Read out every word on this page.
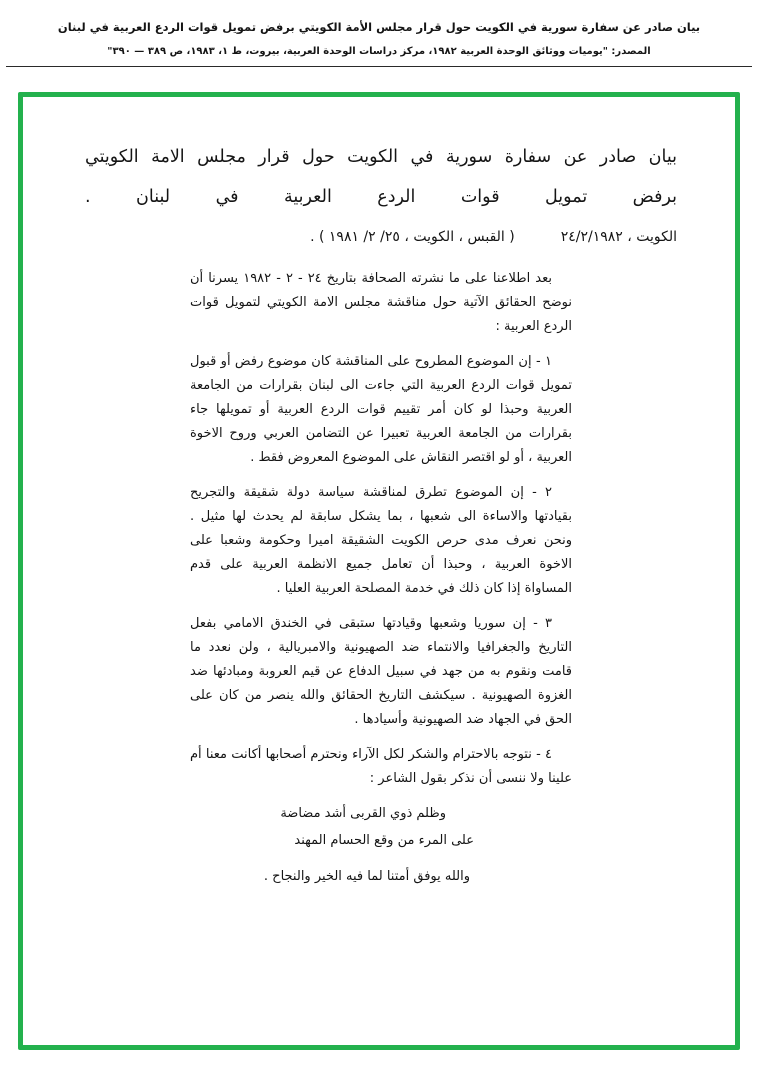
بيان صادر عن سفارة سورية في الكويت حول قرار مجلس الأمة الكويتي برفض تمويل قوات الردع العربية في لبنان
المصدر: "يوميات ووثائق الوحدة العربية ١٩٨٢، مركز دراسات الوحدة العربية، بيروت، ط ١، ١٩٨٣، ص ٣٨٩ — ٣٩٠"
بيان صادر عن سفارة سورية في الكويت حول قرار مجلس الامة الكويتي
برفض تمويل قوات الردع العربية في لبنان .
الكويت ، ٢٤/٢/١٩٨٢
( القبس ، الكويت ، ٢٥/ ٢/ ١٩٨١ ) .

بعد اطلاعنا على ما نشرته الصحافة بتاريخ ٢٤ - ٢ - ١٩٨٢ يسرنا أن نوضح الحقائق الآتية حول مناقشة مجلس الامة الكويتي لتمويل قوات الردع العربية :

١ - إن الموضوع المطروح على المناقشة كان موضوع رفض أو قبول تمويل قوات الردع العربية التي جاءت الى لبنان بقرارات من الجامعة العربية وحبذا لو كان أمر تقييم قوات الردع العربية أو تمويلها جاء بقرارات من الجامعة العربية تعبيرا عن التضامن العربي وروح الاخوة العربية ، أو لو اقتصر النقاش على الموضوع المعروض فقط .

٢ - إن الموضوع تطرق لمناقشة سياسة دولة شقيقة والتجريح بقيادتها والاساءة الى شعبها ، بما يشكل سابقة لم يحدث لها مثيل . ونحن نعرف مدى حرص الكويت الشقيقة اميرا وحكومة وشعبا على الاخوة العربية ، وحبذا أن تعامل جميع الانظمة العربية على قدم المساواة إذا كان ذلك في خدمة المصلحة العربية العليا .

٣ - إن سوريا وشعبها وقيادتها ستبقى في الخندق الامامي بفعل التاريخ والجغرافيا والانتماء ضد الصهيونية والامبريالية ، ولن نعدد ما قامت ونقوم به من جهد في سبيل الدفاع عن قيم العروبة ومبادئها ضد الغزوة الصهيونية . سيكشف التاريخ الحقائق والله ينصر من كان على الحق في الجهاد ضد الصهيونية وأسيادها .

٤ - نتوجه بالاحترام والشكر لكل الآراء ونحترم أصحابها أكانت معنا أم علينا ولا ننسى أن نذكر بقول الشاعر :

وظلم ذوي القربى أشد مضاضة

على المرء من وقع الحسام المهند

والله يوفق أمتنا لما فيه الخير والنجاح .
